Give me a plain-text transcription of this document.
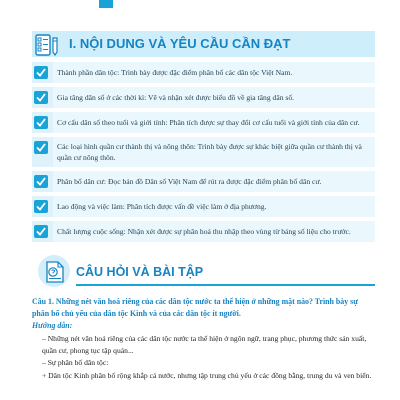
I. NỘI DUNG VÀ YÊU CẦU CẦN ĐẠT
Thành phần dân tộc: Trình bày được đặc điểm phân bố các dân tộc Việt Nam.
Gia tăng dân số ở các thời kì: Vẽ và nhận xét được biểu đồ về gia tăng dân số.
Cơ cấu dân số theo tuổi và giới tính: Phân tích được sự thay đổi cơ cấu tuổi và giới tính của dân cư.
Các loại hình quần cư thành thị và nông thôn: Trình bày được sự khác biệt giữa quần cư thành thị và quần cư nông thôn.
Phân bố dân cư: Đọc bản đồ Dân số Việt Nam để rút ra được đặc điểm phân bố dân cư.
Lao động và việc làm: Phân tích được vấn đề việc làm ở địa phương.
Chất lượng cuộc sống: Nhận xét được sự phân hoá thu nhập theo vùng từ bảng số liệu cho trước.
CÂU HỎI VÀ BÀI TẬP
Câu 1. Những nét văn hoá riêng của các dân tộc nước ta thể hiện ở những mặt nào? Trình bày sự phân bố chủ yếu của dân tộc Kinh và của các dân tộc ít người.
Hướng dẫn:
– Những nét văn hoá riêng của các dân tộc nước ta thể hiện ở ngôn ngữ, trang phục, phương thức sản xuất, quần cư, phong tục tập quán...
– Sự phân bố dân tộc:
+ Dân tộc Kinh phân bố rộng khắp cả nước, nhưng tập trung chủ yếu ở các đồng bằng, trung du và ven biển.
